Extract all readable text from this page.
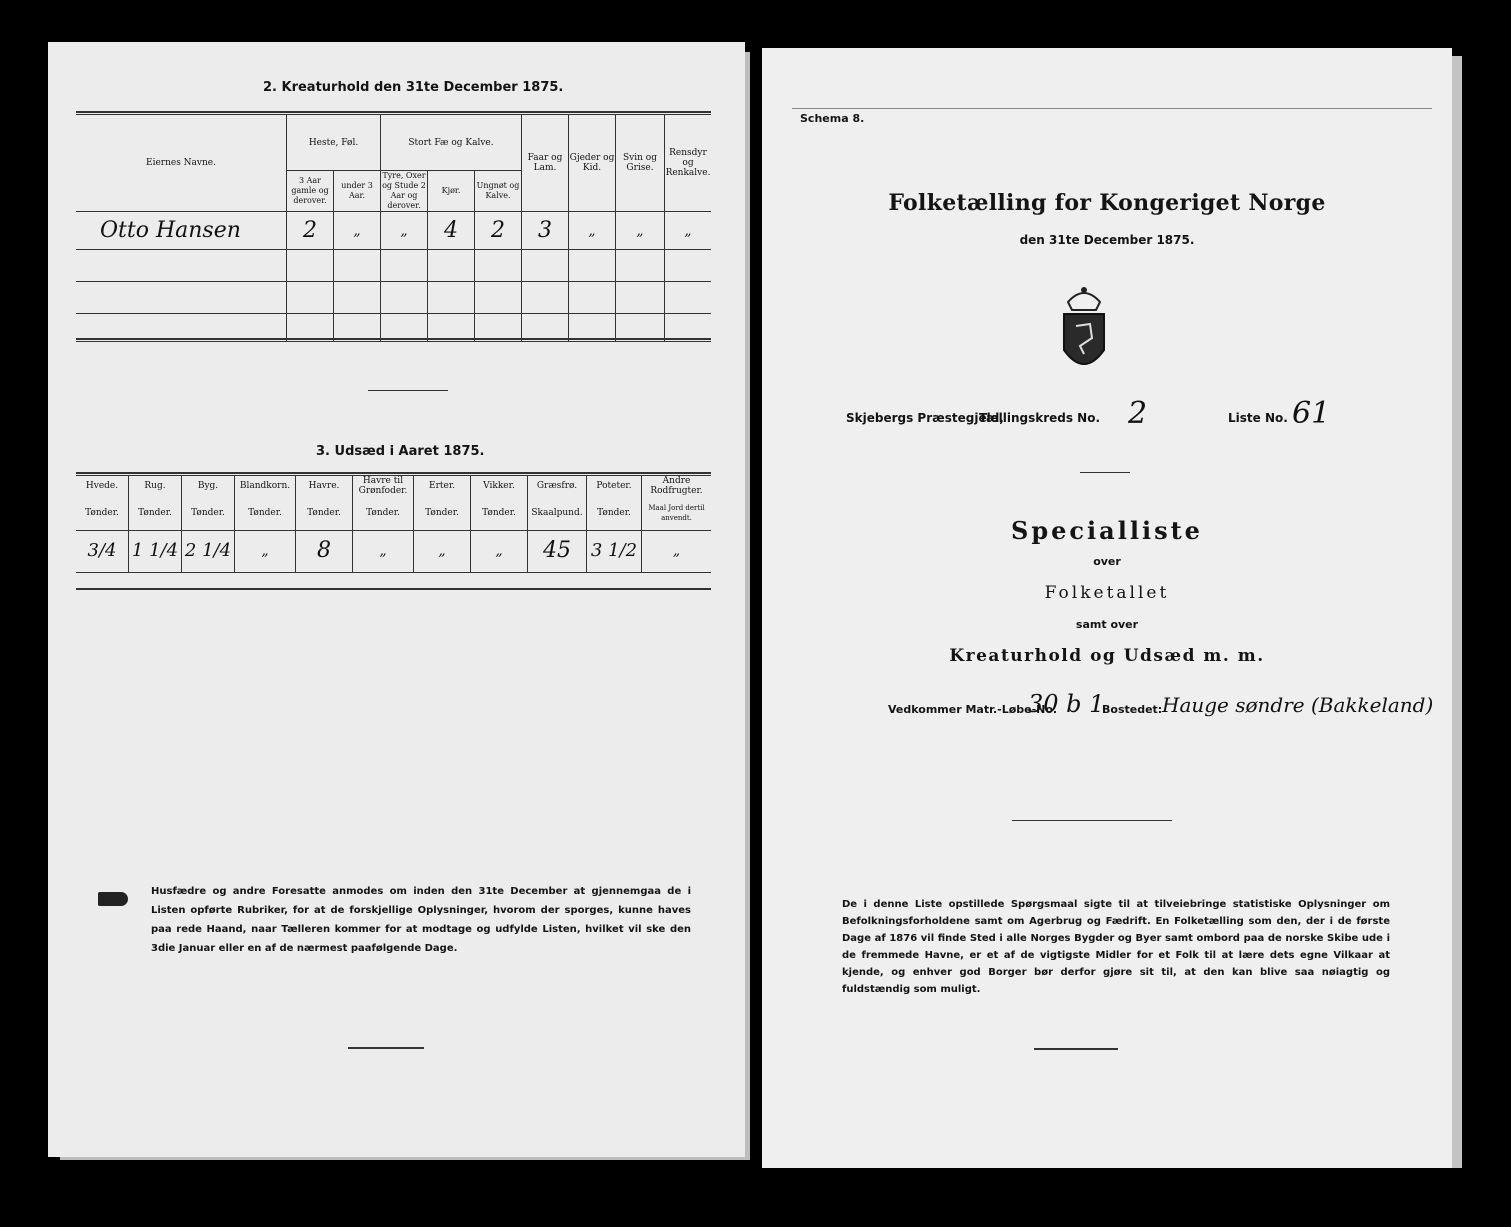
2. Kreaturhold den 31te December 1875.
Eiernes Navne.	Heste, Føl.		Stort Fæ og Kalve.			Faar og Lam.	Gjeder og Kid.	Svin og Grise.	Rensdyr og Renkalve.
	3 Aar gamle og derover.	under 3 Aar.	Tyre, Oxer og Stude 2 Aar og derover.	Kjør.	Ungnøt og Kalve.				
Otto Hansen	2	„	„	4	2	3	„	„	„

3. Udsæd i Aaret 1875.
Hvede.	Rug.	Byg.	Blandkorn.	Havre.	Havre til Grønfoder.	Erter.	Vikker.	Græsfrø.	Poteter.	Andre Rodfrugter.
Tønder.	Tønder.	Tønder.	Tønder.	Tønder.	Tønder.	Tønder.	Tønder.	Skaalpund.	Tønder.	Maal Jord dertil anvendt.
3/4	1 1/4	2 1/4	„	8	„	„	„	45	3 1/2	„
Husfædre og andre Foresatte anmodes om inden den 31te December at gjennemgaa de i Listen opførte Rubriker, for at de forskjellige Oplysninger, hvorom der sporges, kunne haves paa rede Haand, naar Tælleren kommer for at modtage og udfylde Listen, hvilket vil ske den 3die Januar eller en af de nærmest paafølgende Dage.
Schema 8.
Folketælling for Kongeriget Norge
den 31te December 1875.
Skjebergs Præstegjeld,
Tællingskreds No. 2	Liste No. 61
Specialliste
over
Folketallet
samt over
Kreaturhold og Udsæd m. m.
Vedkommer Matr.-Løbe-No.
30 b 1
Bostedet: Hauge søndre (Bakkeland)
De i denne Liste opstillede Spørgsmaal sigte til at tilveiebringe statistiske Oplysninger om Befolkningsforholdene samt om Agerbrug og Fædrift. En Folketælling som den, der i de første Dage af 1876 vil finde Sted i alle Norges Bygder og Byer samt ombord paa de norske Skibe ude i de fremmede Havne, er et af de vigtigste Midler for et Folk til at lære dets egne Vilkaar at kjende, og enhver god Borger bør derfor gjøre sit til, at den kan blive saa nøiagtig og fuldstændig som muligt.
